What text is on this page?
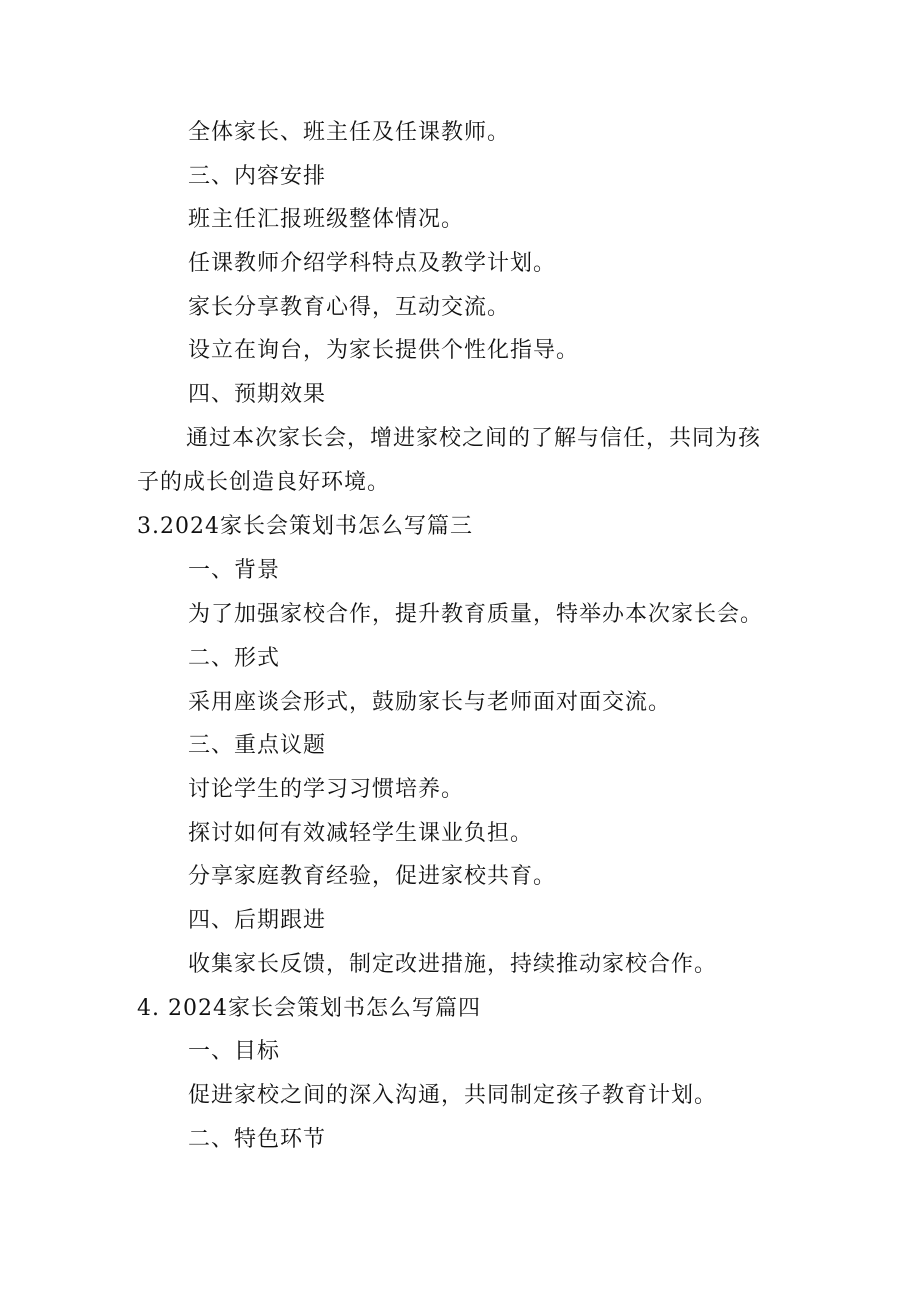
全体家长、班主任及任课教师。
三、内容安排
班主任汇报班级整体情况。
任课教师介绍学科特点及教学计划。
家长分享教育心得，互动交流。
设立在询台，为家长提供个性化指导。
四、预期效果
通过本次家长会，增进家校之间的了解与信任，共同为孩
子的成长创造良好环境。
3.2024家长会策划书怎么写篇三
一、背景
为了加强家校合作，提升教育质量，特举办本次家长会。
二、形式
采用座谈会形式，鼓励家长与老师面对面交流。
三、重点议题
讨论学生的学习习惯培养。
探讨如何有效减轻学生课业负担。
分享家庭教育经验，促进家校共育。
四、后期跟进
收集家长反馈，制定改进措施，持续推动家校合作。
4. 2024家长会策划书怎么写篇四
一、目标
促进家校之间的深入沟通，共同制定孩子教育计划。
二、特色环节
